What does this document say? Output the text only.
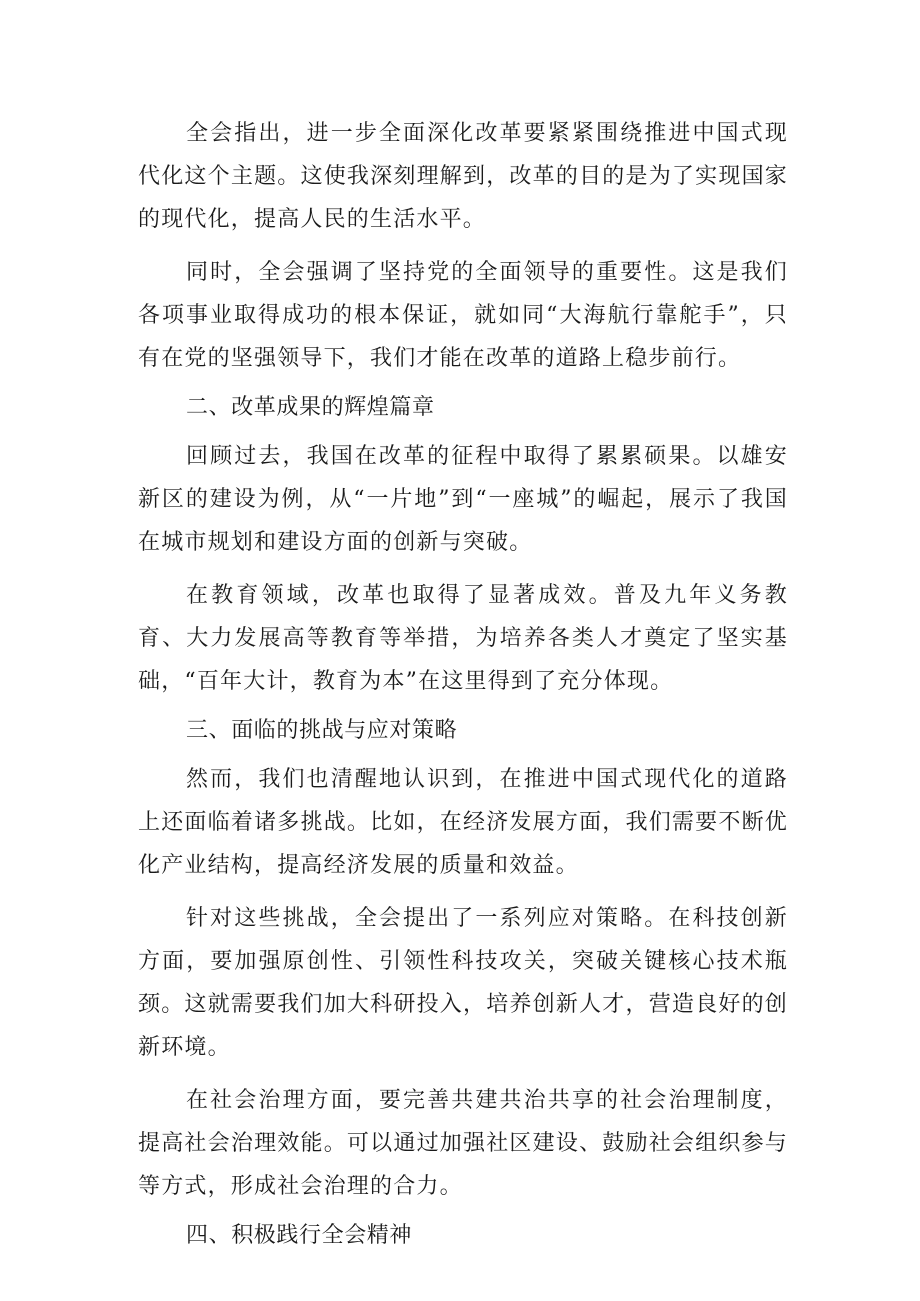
全会指出，进一步全面深化改革要紧紧围绕推进中国式现代化这个主题。这使我深刻理解到，改革的目的是为了实现国家的现代化，提高人民的生活水平。

同时，全会强调了坚持党的全面领导的重要性。这是我们各项事业取得成功的根本保证，就如同“大海航行靠舵手”，只有在党的坚强领导下，我们才能在改革的道路上稳步前行。

二、改革成果的辉煌篇章

回顾过去，我国在改革的征程中取得了累累硕果。以雄安新区的建设为例，从“一片地”到“一座城”的崛起，展示了我国在城市规划和建设方面的创新与突破。

在教育领域，改革也取得了显著成效。普及九年义务教育、大力发展高等教育等举措，为培养各类人才奠定了坚实基础，“百年大计，教育为本”在这里得到了充分体现。

三、面临的挑战与应对策略

然而，我们也清醒地认识到，在推进中国式现代化的道路上还面临着诸多挑战。比如，在经济发展方面，我们需要不断优化产业结构，提高经济发展的质量和效益。

针对这些挑战，全会提出了一系列应对策略。在科技创新方面，要加强原创性、引领性科技攻关，突破关键核心技术瓶颈。这就需要我们加大科研投入，培养创新人才，营造良好的创新环境。

在社会治理方面，要完善共建共治共享的社会治理制度，提高社会治理效能。可以通过加强社区建设、鼓励社会组织参与等方式，形成社会治理的合力。

四、积极践行全会精神
